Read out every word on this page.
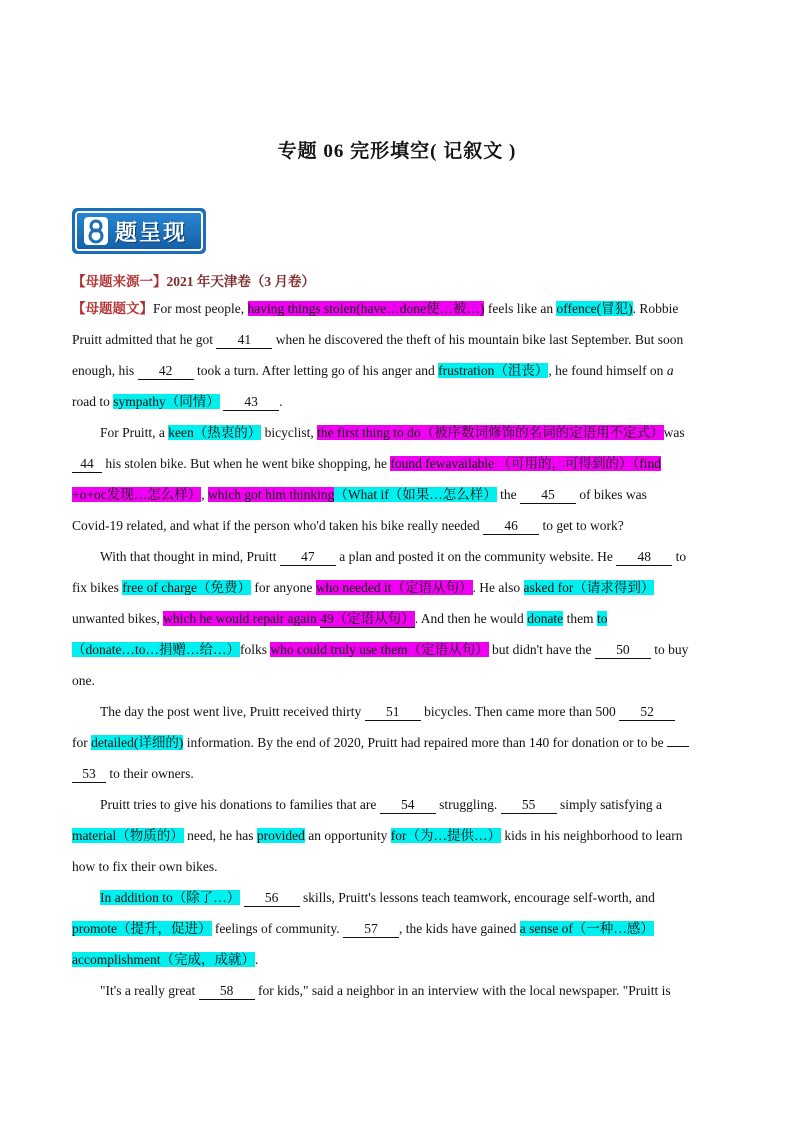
专题 06 完形填空( 记叙文 )
题呈现
【母题来源一】2021 年天津卷（3 月卷）
【母题题文】For most people, having things stolen(have…done使…被…) feels like an offence(冒犯). Robbie
Pruitt admitted that he got 41 when he discovered the theft of his mountain bike last September. But soon
enough, his 42 took a turn. After letting go of his anger and frustration（沮丧）, he found himself on a
road to sympathy（同情） 43 .
For Pruitt, a keen（热衷的） bicyclist, the first thing to do（被序数词修饰的名词的定语用不定式）was
44 his stolen bike. But when he went bike shopping, he found fewavailable （可用的，可得到的）（find
+o+oc发现…怎么样）, which got him thinking（What if（如果…怎么样） the 45 of bikes was
Covid-19 related, and what if the person who'd taken his bike really needed 46 to get to work?
With that thought in mind, Pruitt 47 a plan and posted it on the community website. He 48 to
fix bikes free of charge（免费） for anyone who needed it（定语从句）. He also asked for（请求得到）
unwanted bikes, which he would repair again 49（定语从句）. And then he would donate them to
（donate…to…捐赠…给…）folks who could truly use them（定语从句） but didn't have the 50 to buy
one.
The day the post went live, Pruitt received thirty 51 bicycles. Then came more than 500 52
for detailed(详细的) information. By the end of 2020, Pruitt had repaired more than 140 for donation or to be
53 to their owners.
Pruitt tries to give his donations to families that are 54 struggling. 55 simply satisfying a
material（物质的） need, he has provided an opportunity for（为…提供…） kids in his neighborhood to learn
how to fix their own bikes.
In addition to（除了…） 56 skills, Pruitt's lessons teach teamwork, encourage self-worth, and
promote（提升，促进） feelings of community. 57 , the kids have gained a sense of（一种…感）
accomplishment（完成，成就）.
"It's a really great 58 for kids," said a neighbor in an interview with the local newspaper. "Pruitt is
